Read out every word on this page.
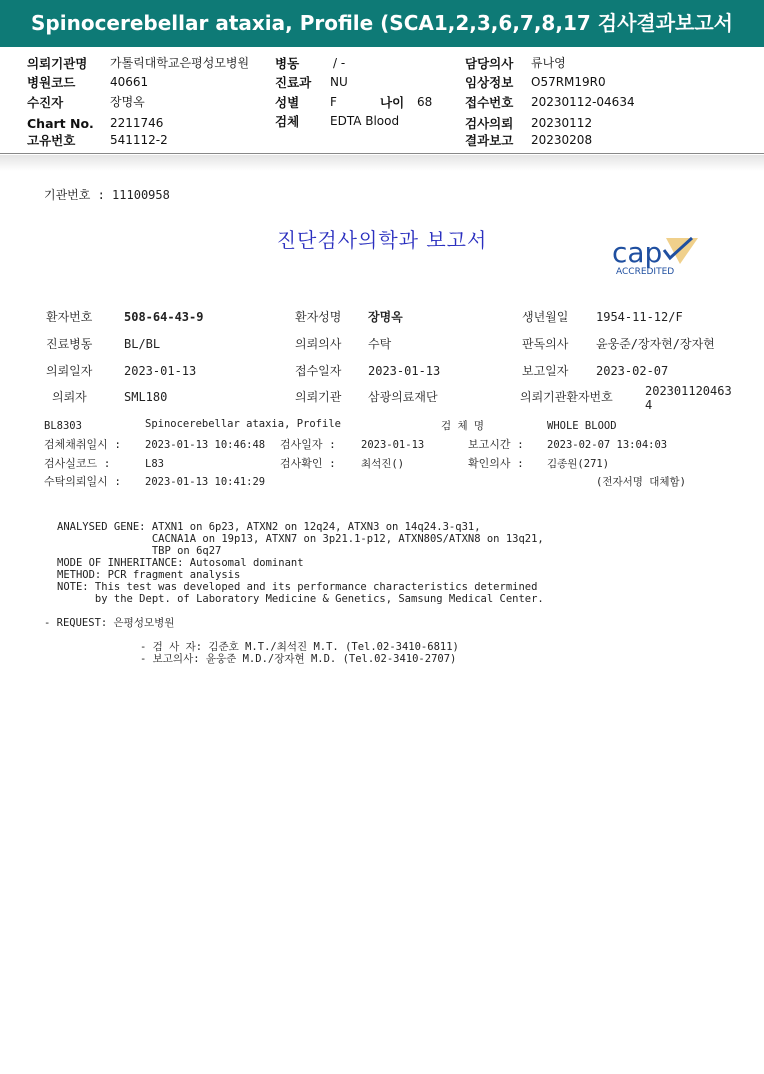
Spinocerebellar ataxia, Profile (SCA1,2,3,6,7,8,17 검사결과보고서
의뢰기관명 가톨릭대학교은평성모병원
병원코드	40661
수진자	장명옥
Chart No. 2211746
고유번호	541112-2
병동	/ -
진료과 NU
성별	F	나이 68
검체	EDTA Blood
담당의사 류나영
임상정보 O57RM19R0
접수번호 20230112-04634
검사의뢰 20230112
결과보고 20230208
기관번호 : 11100958
진단검사의학과 보고서	cap
ACCREDITED
환자번호	508-64-43-9	환자성명 장명옥	생년월일 1954-11-12/F
진료병동	BL/BL	의뢰의사 수탁	판독의사 윤웅준/장자현/장자현
의뢰일자	2023-01-13	접수일자 2023-01-13	보고일자 2023-02-07
의뢰자	SML180	의뢰기관 삼광의료재단	의뢰기관환자번호	202301120463
4
BL8303	Spinocerebellar ataxia, Profile	검 체 명	WHOLE BLOOD
검체채취일시 : 2023-01-13 10:46:48 검사일자 : 2023-01-13	보고시간 : 2023-02-07 13:04:03
검사실코드 :	L83	검사확인 : 최석진()	확인의사 : 김종원(271)
수탁의뢰일시 : 2023-01-13 10:41:29	(전자서명 대체함)
ANALYSED GENE: ATXN1 on 6p23, ATXN2 on 12q24, ATXN3 on 14q24.3-q31,
CACNA1A on 19p13, ATXN7 on 3p21.1-p12, ATXN80S/ATXN8 on 13q21,
TBP on 6q27
MODE OF INHERITANCE: Autosomal dominant
METHOD: PCR fragment analysis
NOTE: This test was developed and its performance characteristics determined
by the Dept. of Laboratory Medicine & Genetics, Samsung Medical Center.
- REQUEST: 은평성모병원
- 검 사 자: 김준호 M.T./최석진 M.T. (Tel.02-3410-6811)
- 보고의사: 윤웅준 M.D./장자현 M.D. (Tel.02-3410-2707)
